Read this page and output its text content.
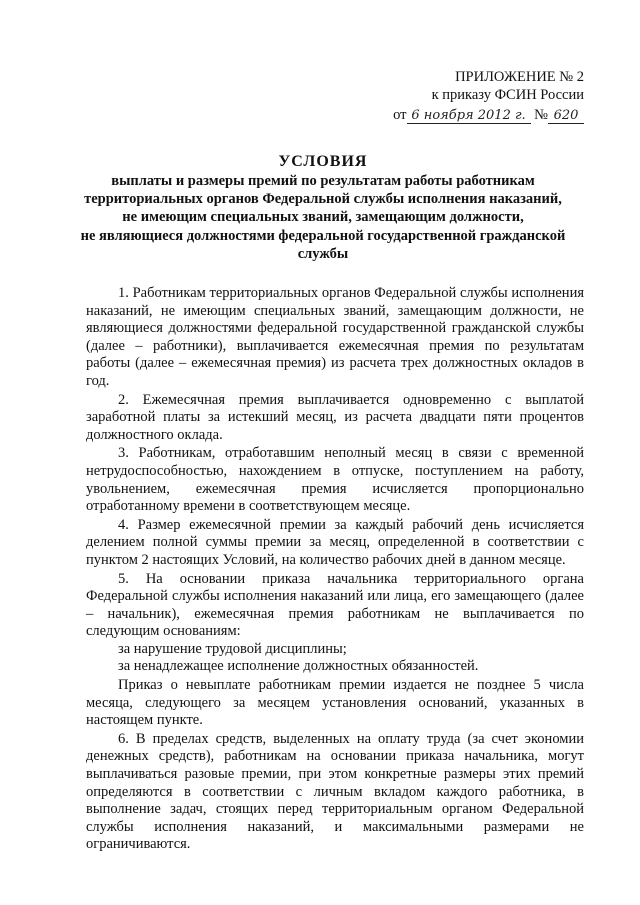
ПРИЛОЖЕНИЕ № 2
к приказу ФСИН России
от 6 ноября 2012 г. № 620
УСЛОВИЯ
выплаты и размеры премий по результатам работы работникам
территориальных органов Федеральной службы исполнения наказаний,
не имеющим специальных званий, замещающим должности,
не являющиеся должностями федеральной государственной гражданской
службы

1. Работникам территориальных органов Федеральной службы исполнения наказаний, не имеющим специальных званий, замещающим должности, не являющиеся должностями федеральной государственной гражданской службы (далее – работники), выплачивается ежемесячная премия по результатам работы (далее – ежемесячная премия) из расчета трех должностных окладов в год.

2. Ежемесячная премия выплачивается одновременно с выплатой заработной платы за истекший месяц, из расчета двадцати пяти процентов должностного оклада.

3. Работникам, отработавшим неполный месяц в связи с временной нетрудоспособностью, нахождением в отпуске, поступлением на работу, увольнением, ежемесячная премия исчисляется пропорционально отработанному времени в соответствующем месяце.

4. Размер ежемесячной премии за каждый рабочий день исчисляется делением полной суммы премии за месяц, определенной в соответствии с пунктом 2 настоящих Условий, на количество рабочих дней в данном месяце.

5. На основании приказа начальника территориального органа Федеральной службы исполнения наказаний или лица, его замещающего (далее – начальник), ежемесячная премия работникам не выплачивается по следующим основаниям:

за нарушение трудовой дисциплины;

за ненадлежащее исполнение должностных обязанностей.

Приказ о невыплате работникам премии издается не позднее 5 числа месяца, следующего за месяцем установления оснований, указанных в настоящем пункте.

6. В пределах средств, выделенных на оплату труда (за счет экономии денежных средств), работникам на основании приказа начальника, могут выплачиваться разовые премии, при этом конкретные размеры этих премий определяются в соответствии с личным вкладом каждого работника, в выполнение задач, стоящих перед территориальным органом Федеральной службы исполнения наказаний, и максимальными размерами не ограничиваются.
